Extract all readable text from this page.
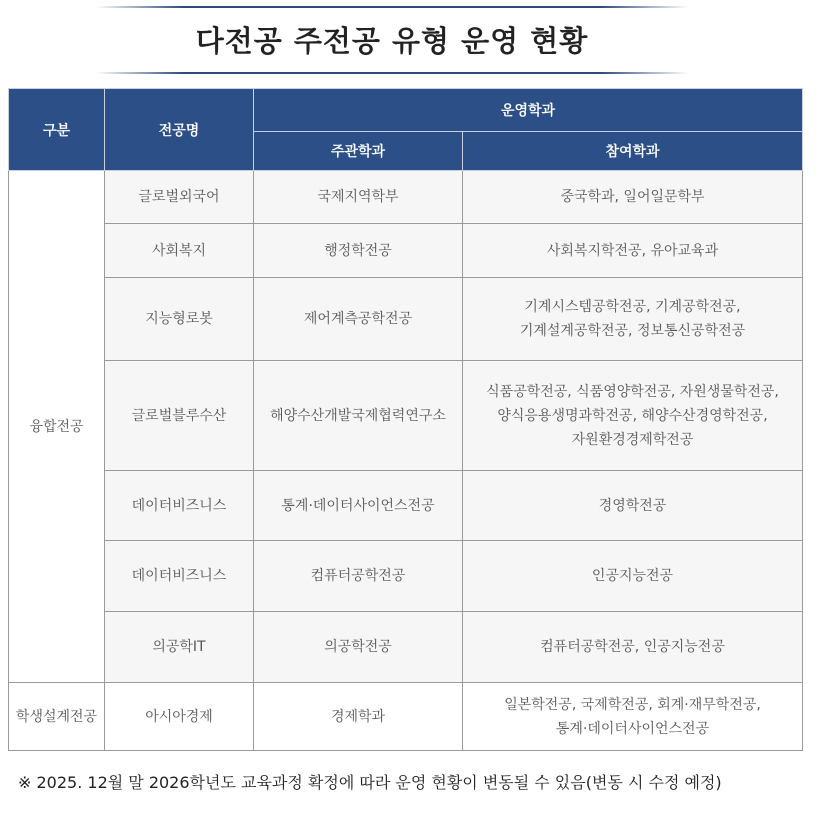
다전공 주전공 유형 운영 현황
구분	전공명	운영학과	
		주관학과	참여학과
융합전공	글로벌외국어	국제지역학부	중국학과, 일어일문학부

	사회복지	행정학전공	사회복지학전공, 유아교육과

	지능형로봇	제어계측공학전공	기계시스템공학전공, 기계공학전공,
기계설계공학전공, 정보통신공학전공

	글로벌블루수산	해양수산개발국제협력연구소	식품공학전공, 식품영양학전공, 자원생물학전공,
양식응용생명과학전공, 해양수산경영학전공,
자원환경경제학전공

	데이터비즈니스	통계·데이터사이언스전공	경영학전공

	데이터비즈니스	컴퓨터공학전공	인공지능전공

	의공학IT	의공학전공	컴퓨터공학전공, 인공지능전공

학생설계전공	아시아경제	경제학과	일본학전공, 국제학전공, 회계·재무학전공,
통계·데이터사이언스전공
※ 2025. 12월 말 2026학년도 교육과정 확정에 따라 운영 현황이 변동될 수 있음(변동 시 수정 예정)
